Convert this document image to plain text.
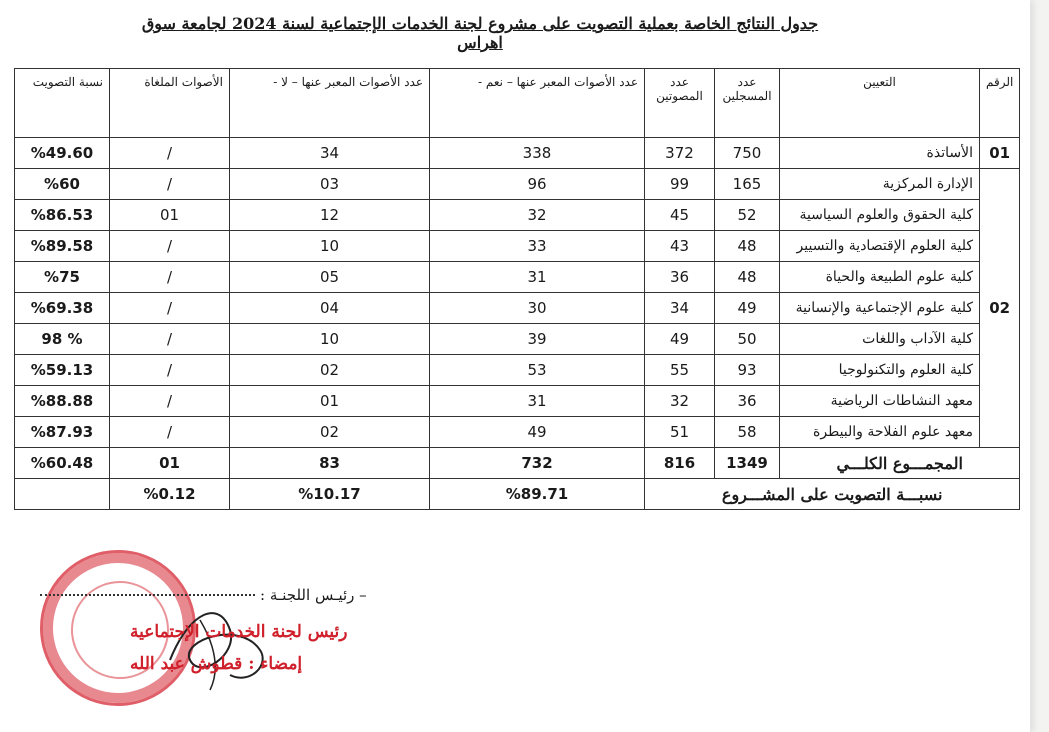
جدول النتائج الخاصة بعملية التصويت على مشروع لجنة الخدمات الإجتماعية لسنة 2024 لجامعة سوق اهراس
الرقم	التعيين	عدد المسجلين	عدد المصوتين	عدد الأصوات المعبر عنها – نعم -	عدد الأصوات المعبر عنها – لا -	الأصوات الملغاة	نسبة التصويت
01	الأساتذة	750	372	338	34	/	%49.60
02	الإدارة المركزية	165	99	96	03	/	%60
	كلية الحقوق والعلوم السياسية	52	45	32	12	01	%86.53
	كلية العلوم الإقتصادية والتسيير	48	43	33	10	/	%89.58
	كلية علوم الطبيعة والحياة	48	36	31	05	/	%75
	كلية علوم الإجتماعية والإنسانية	49	34	30	04	/	%69.38
	كلية الآداب واللغات	50	49	39	10	/	% 98
	كلية العلوم والتكنولوجيا	93	55	53	02	/	%59.13
	معهد النشاطات الرياضية	36	32	31	01	/	%88.88
	معهد علوم الفلاحة والبيطرة	58	51	49	02	/	%87.93
المجمـــوع الكلـــي		1349	816	732	83	01	%60.48
نسبـــة التصويت على المشـــروع				%89.71	%10.17	%0.12	
– رئيـس اللجنـة :
رئيس لجنة الخدمات الإجتماعية
إمضاء : قطوش عبد الله
